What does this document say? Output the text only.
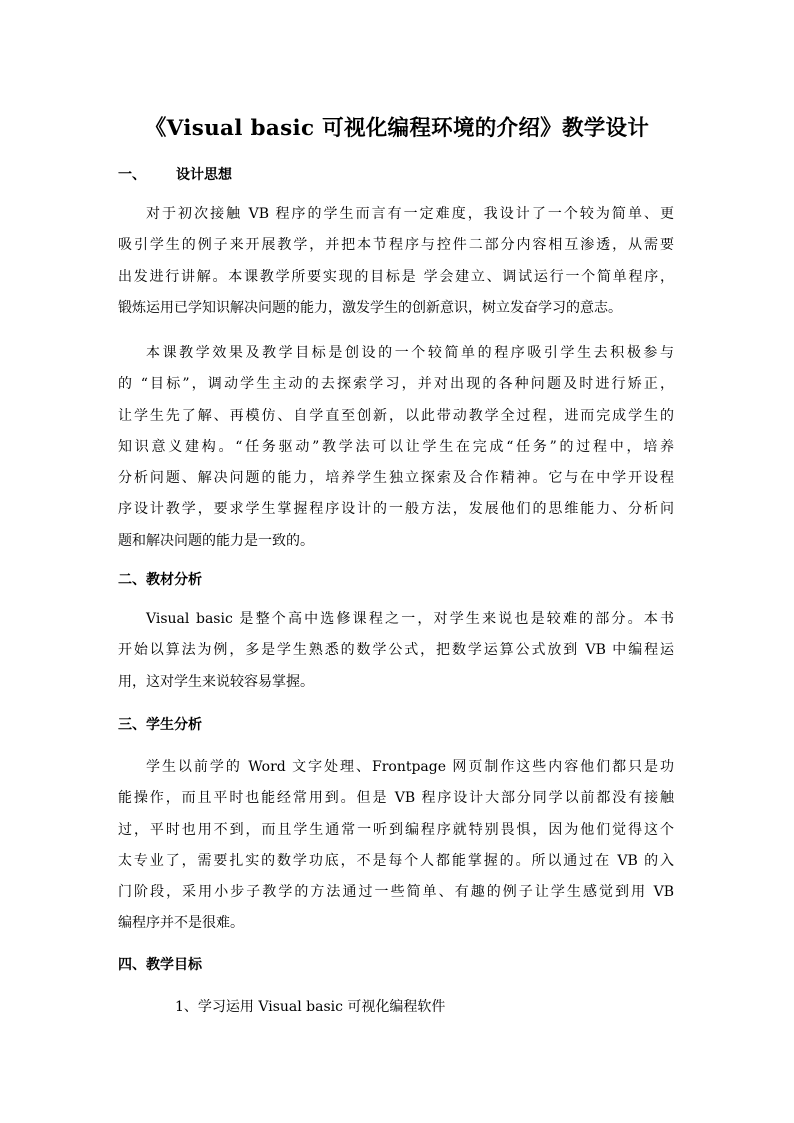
《Visual basic 可视化编程环境的介绍》教学设计
一、 设计思想
对于初次接触 VB 程序的学生而言有一定难度，我设计了一个较为简单、更
吸引学生的例子来开展教学，并把本节程序与控件二部分内容相互渗透，从需要
出发进行讲解。本课教学所要实现的目标是 学会建立、调试运行一个简单程序，
锻炼运用已学知识解决问题的能力，激发学生的创新意识，树立发奋学习的意志。
本课教学效果及教学目标是创设的一个较简单的程序吸引学生去积极参与
的 “目标”，调动学生主动的去探索学习，并对出现的各种问题及时进行矫正，
让学生先了解、再模仿、自学直至创新，以此带动教学全过程，进而完成学生的
知识意义建构。“任务驱动”教学法可以让学生在完成“任务”的过程中，培养
分析问题、解决问题的能力，培养学生独立探索及合作精神。它与在中学开设程
序设计教学，要求学生掌握程序设计的一般方法，发展他们的思维能力、分析问
题和解决问题的能力是一致的。
二、教材分析
Visual basic 是整个高中选修课程之一，对学生来说也是较难的部分。本书
开始以算法为例，多是学生熟悉的数学公式，把数学运算公式放到 VB 中编程运
用，这对学生来说较容易掌握。
三、学生分析
学生以前学的 Word 文字处理、Frontpage 网页制作这些内容他们都只是功
能操作，而且平时也能经常用到。但是 VB 程序设计大部分同学以前都没有接触
过，平时也用不到，而且学生通常一听到编程序就特别畏惧，因为他们觉得这个
太专业了，需要扎实的数学功底，不是每个人都能掌握的。所以通过在 VB 的入
门阶段，采用小步子教学的方法通过一些简单、有趣的例子让学生感觉到用 VB
编程序并不是很难。
四、教学目标
1、学习运用 Visual basic 可视化编程软件
